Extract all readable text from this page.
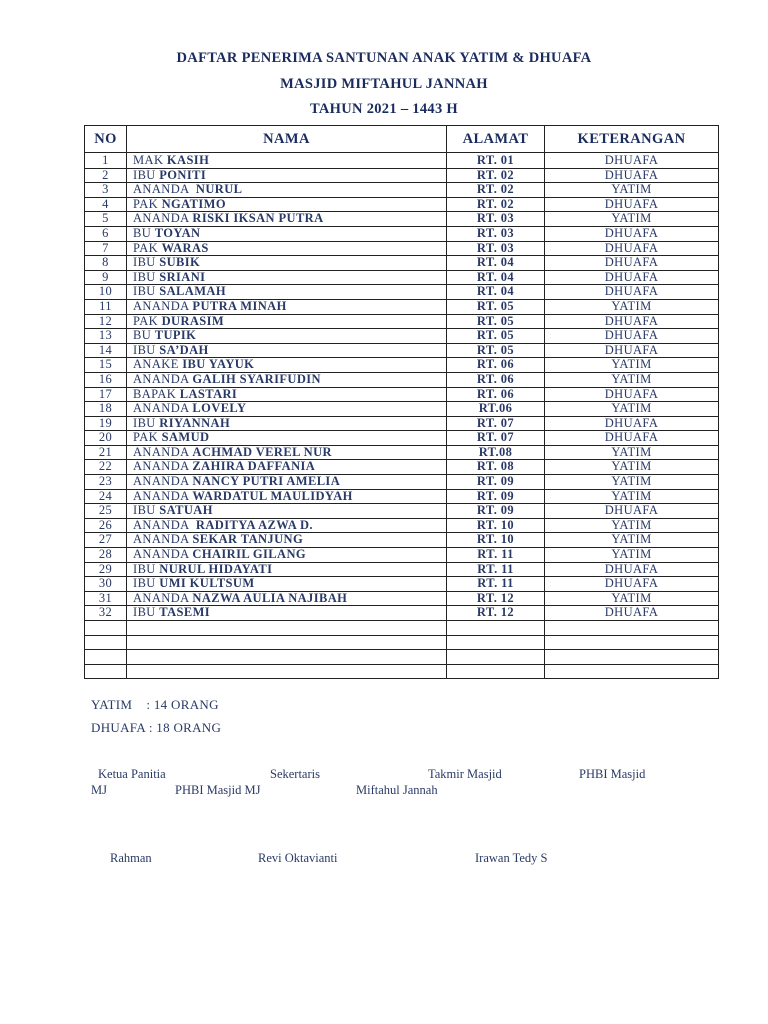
DAFTAR PENERIMA SANTUNAN ANAK YATIM & DHUAFA
MASJID MIFTAHUL JANNAH
TAHUN 2021 – 1443 H
NO	NAMA	ALAMAT	KETERANGAN
1	MAK KASIH	RT. 01	DHUAFA
2	IBU PONITI	RT. 02	DHUAFA
3	ANANDA  NURUL	RT. 02	YATIM
4	PAK NGATIMO	RT. 02	DHUAFA
5	ANANDA RISKI IKSAN PUTRA	RT. 03	YATIM
6	BU TOYAN	RT. 03	DHUAFA
7	PAK WARAS	RT. 03	DHUAFA
8	IBU SUBIK	RT. 04	DHUAFA
9	IBU SRIANI	RT. 04	DHUAFA
10	IBU SALAMAH	RT. 04	DHUAFA
11	ANANDA PUTRA MINAH	RT. 05	YATIM
12	PAK DURASIM	RT. 05	DHUAFA
13	BU TUPIK	RT. 05	DHUAFA
14	IBU SA’DAH	RT. 05	DHUAFA
15	ANAKE IBU YAYUK	RT. 06	YATIM
16	ANANDA GALIH SYARIFUDIN	RT. 06	YATIM
17	BAPAK LASTARI	RT. 06	DHUAFA
18	ANANDA LOVELY	RT.06	YATIM
19	IBU RIYANNAH	RT. 07	DHUAFA
20	PAK SAMUD	RT. 07	DHUAFA
21	ANANDA ACHMAD VEREL NUR	RT.08	YATIM
22	ANANDA ZAHIRA DAFFANIA	RT. 08	YATIM
23	ANANDA NANCY PUTRI AMELIA	RT. 09	YATIM
24	ANANDA WARDATUL MAULIDYAH	RT. 09	YATIM
25	IBU SATUAH	RT. 09	DHUAFA
26	ANANDA  RADITYA AZWA D.	RT. 10	YATIM
27	ANANDA SEKAR TANJUNG	RT. 10	YATIM
28	ANANDA CHAIRIL GILANG	RT. 11	YATIM
29	IBU NURUL HIDAYATI	RT. 11	DHUAFA
30	IBU UMI KULTSUM	RT. 11	DHUAFA
31	ANANDA NAZWA AULIA NAJIBAH	RT. 12	YATIM
32	IBU TASEMI	RT. 12	DHUAFA

YATIM    : 14 ORANG
DHUAFA : 18 ORANG
Ketua Panitia	Sekertaris	Takmir Masjid	PHBI Masjid
MJ	PHBI Masjid MJ	Miftahul Jannah
Rahman	Revi Oktavianti	Irawan Tedy S
